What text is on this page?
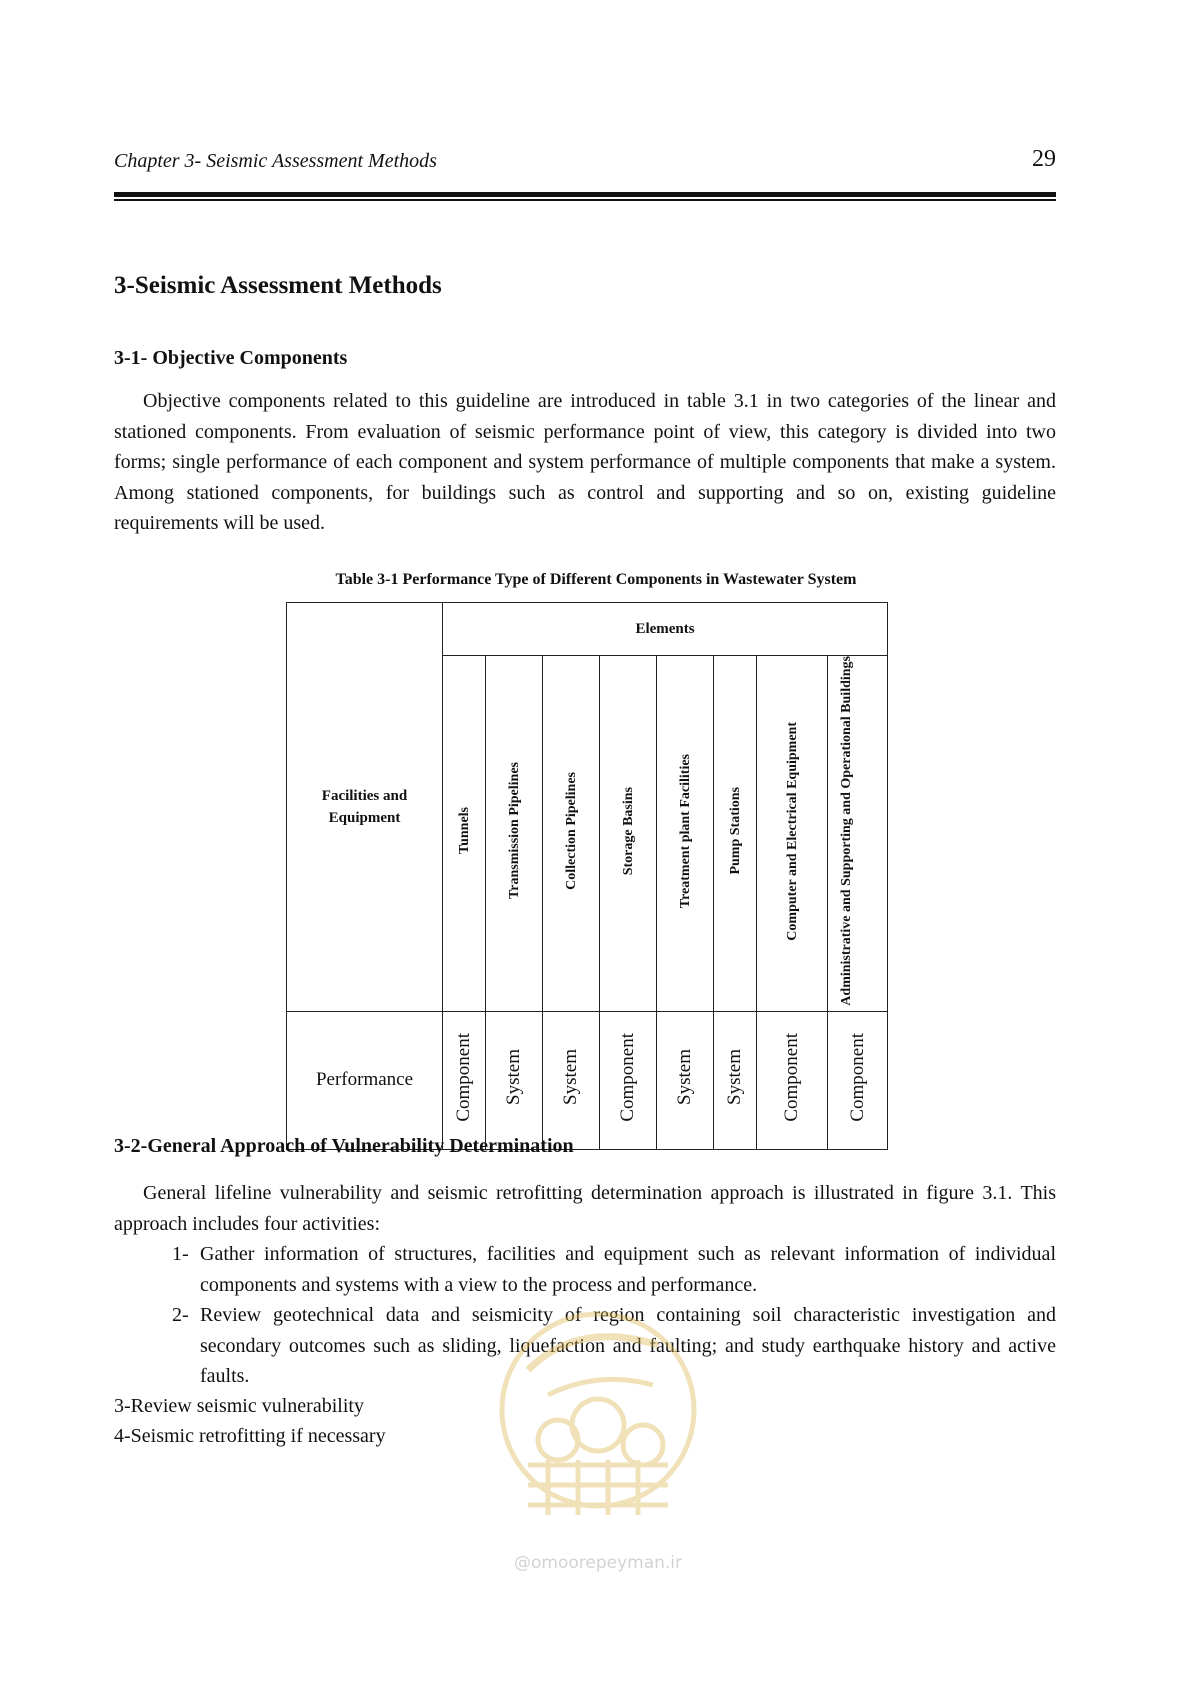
Chapter 3- Seismic Assessment Methods	29
3-Seismic Assessment Methods
3-1- Objective Components

Objective components related to this guideline are introduced in table 3.1 in two categories of the linear and stationed components. From evaluation of seismic performance point of view, this category is divided into two forms; single performance of each component and system performance of multiple components that make a system. Among stationed components, for buildings such as control and supporting and so on, existing guideline requirements will be used.

Table 3-1 Performance Type of Different Components in Wastewater System

Facilities and Equipment	Elements							
	Tunnels	Transmission Pipelines	Collection Pipelines	Storage Basins	Treatment plant Facilities	Pump Stations	Computer and Electrical Equipment	Administrative and Supporting and Operational Buildings
Performance	Component	System	System	Component	System	System	Component	Component
3-2-General Approach of Vulnerability Determination

General lifeline vulnerability and seismic retrofitting determination approach is illustrated in figure 3.1. This approach includes four activities:

1- Gather information of structures, facilities and equipment such as relevant information of individual components and systems with a view to the process and performance.
2- Review geotechnical data and seismicity of region containing soil characteristic investigation and secondary outcomes such as sliding, liquefaction and faulting; and study earthquake history and active faults.
3-Review seismic vulnerability
4-Seismic retrofitting if necessary
@omoorepeyman.ir
